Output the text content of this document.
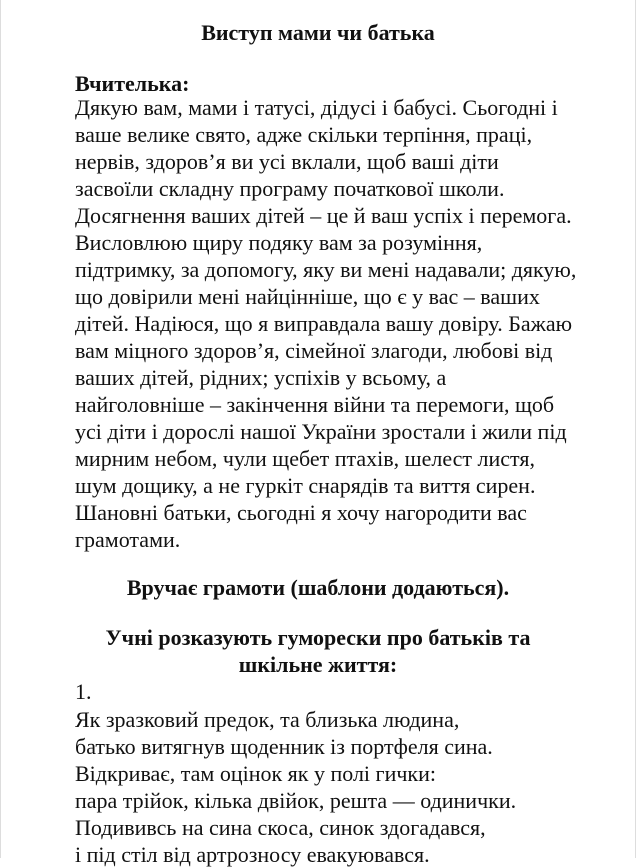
Виступ мами чи батька

Вчителька:

Дякую вам, мами і татусі, дідусі і бабусі. Сьогодні і
ваше велике свято, адже скільки терпіння, праці,
нервів, здоров’я ви усі вклали, щоб ваші діти
засвоїли складну програму початкової школи.
Досягнення ваших дітей – це й ваш успіх і перемога.
Висловлюю щиру подяку вам за розуміння,
підтримку, за допомогу, яку ви мені надавали; дякую,
що довірили мені найцінніше, що є у вас – ваших
дітей. Надіюся, що я виправдала вашу довіру. Бажаю
вам міцного здоров’я, сімейної злагоди, любові від
ваших дітей, рідних; успіхів у всьому, а
найголовніше – закінчення війни та перемоги, щоб
усі діти і дорослі нашої України зростали і жили під
мирним небом, чули щебет птахів, шелест листя,
шум дощику, а не гуркіт снарядів та виття сирен.
Шановні батьки, сьогодні я хочу нагородити вас
грамотами.

Вручає грамоти (шаблони додаються).

Учні розказують гуморески про батьків та
шкільне життя:

1.

Як зразковий предок, та близька людина,
батько витягнув щоденник із портфеля сина.
Відкриває, там оцінок як у полі гички:
пара трійок, кілька двійок, решта — одинички.
Подививсь на сина скоса, синок здогадався,
і під стіл від артрозносу евакуювався.
